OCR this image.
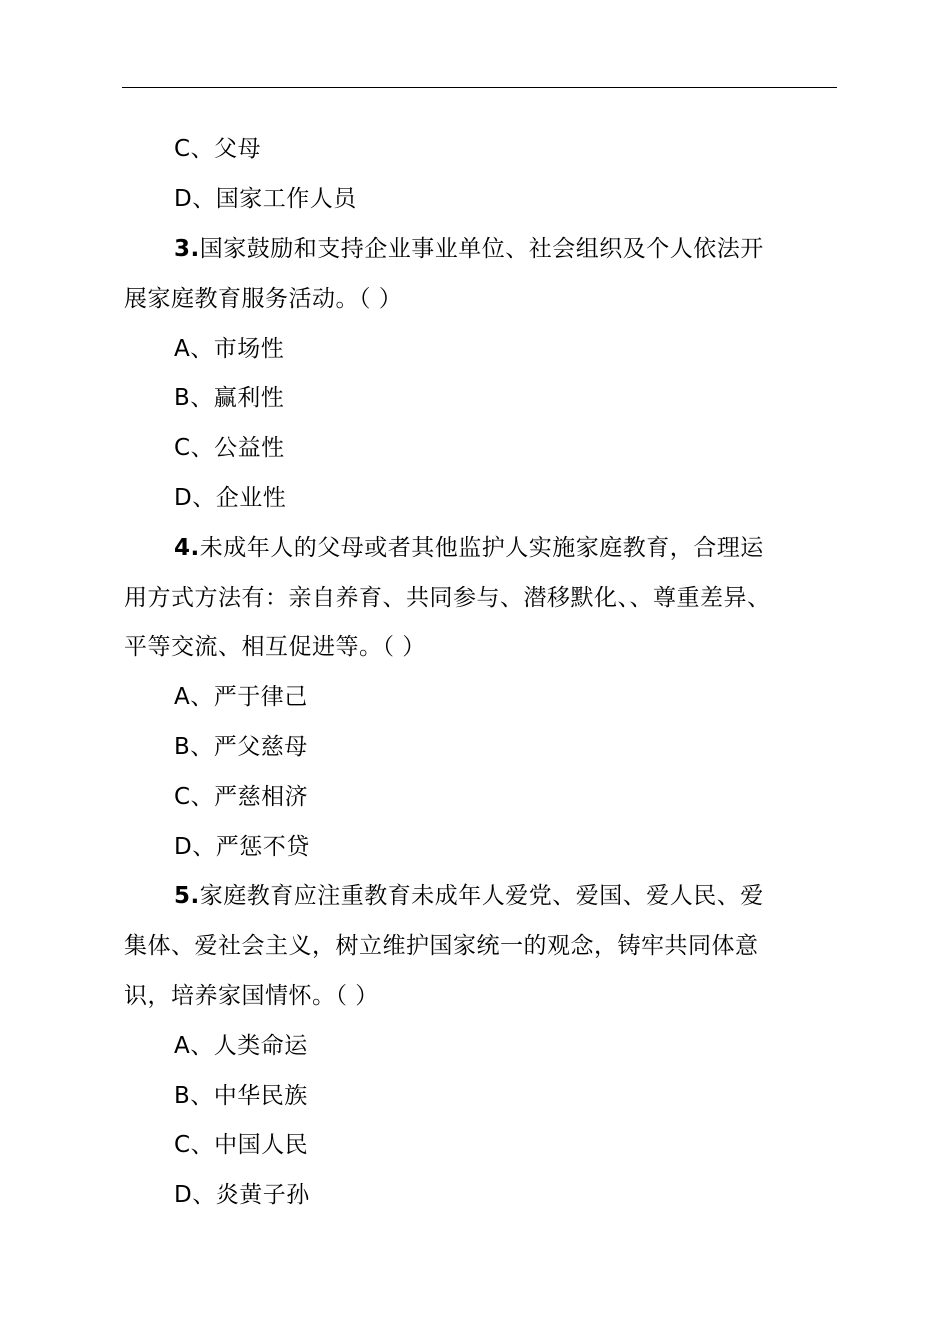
C、父母
D、国家工作人员
3.国家鼓励和支持企业事业单位、社会组织及个人依法开
展家庭教育服务活动。（ ）
A、市场性
B、赢利性
C、公益性
D、企业性
4.未成年人的父母或者其他监护人实施家庭教育，合理运
用方式方法有：亲自养育、共同参与、潜移默化、、尊重差异、
平等交流、相互促进等。（ ）
A、严于律己
B、严父慈母
C、严慈相济
D、严惩不贷
5.家庭教育应注重教育未成年人爱党、爱国、爱人民、爱
集体、爱社会主义，树立维护国家统一的观念，铸牢共同体意
识，培养家国情怀。（ ）
A、人类命运
B、中华民族
C、中国人民
D、炎黄子孙
